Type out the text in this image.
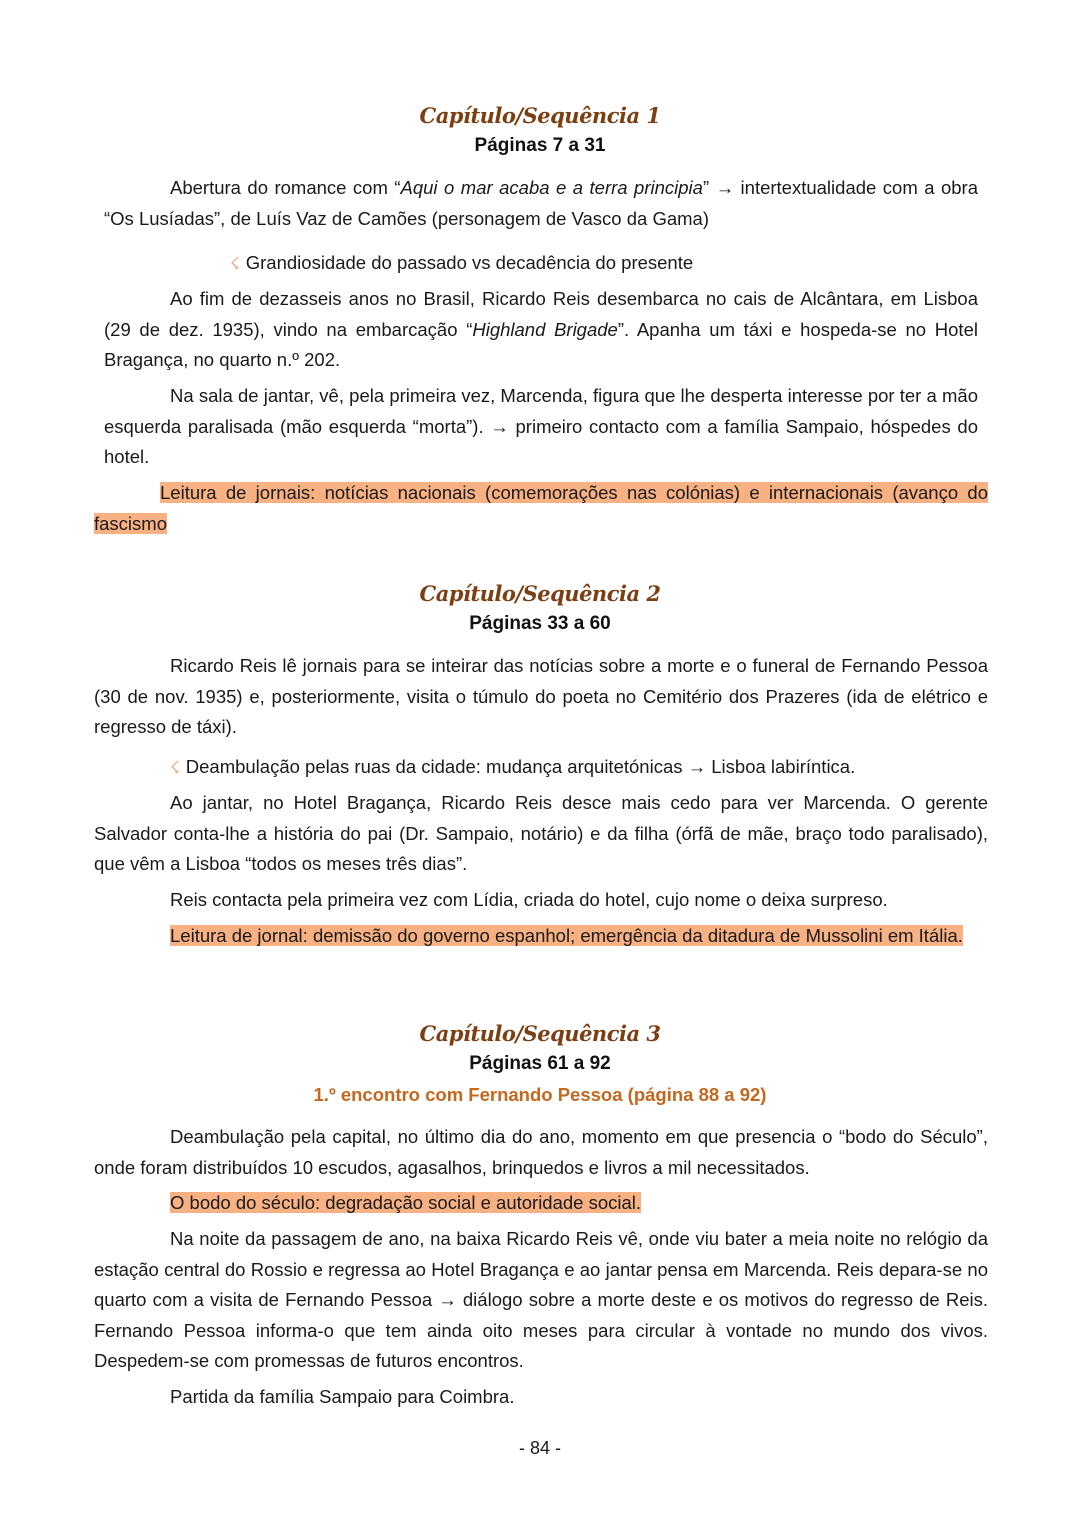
Capítulo/Sequência 1
Páginas 7 a 31
Abertura do romance com “Aqui o mar acaba e a terra principia” → intertextualidade com a obra “Os Lusíadas”, de Luís Vaz de Camões (personagem de Vasco da Gama)
☇ Grandiosidade do passado vs decadência do presente
Ao fim de dezasseis anos no Brasil, Ricardo Reis desembarca no cais de Alcântara, em Lisboa (29 de dez. 1935), vindo na embarcação “Highland Brigade”. Apanha um táxi e hospeda-se no Hotel Bragança, no quarto n.º 202.
Na sala de jantar, vê, pela primeira vez, Marcenda, figura que lhe desperta interesse por ter a mão esquerda paralisada (mão esquerda “morta”). → primeiro contacto com a família Sampaio, hóspedes do hotel.
Leitura de jornais: notícias nacionais (comemorações nas colónias) e internacionais (avanço do fascismo
Capítulo/Sequência 2
Páginas 33 a 60
Ricardo Reis lê jornais para se inteirar das notícias sobre a morte e o funeral de Fernando Pessoa (30 de nov. 1935) e, posteriormente, visita o túmulo do poeta no Cemitério dos Prazeres (ida de elétrico e regresso de táxi).
☇ Deambulação pelas ruas da cidade: mudança arquitetónicas → Lisboa labiríntica.
Ao jantar, no Hotel Bragança, Ricardo Reis desce mais cedo para ver Marcenda. O gerente Salvador conta-lhe a história do pai (Dr. Sampaio, notário) e da filha (órfã de mãe, braço todo paralisado), que vêm a Lisboa “todos os meses três dias”.
Reis contacta pela primeira vez com Lídia, criada do hotel, cujo nome o deixa surpreso.
Leitura de jornal: demissão do governo espanhol; emergência da ditadura de Mussolini em Itália.
Capítulo/Sequência 3
Páginas 61 a 92
1.º encontro com Fernando Pessoa (página 88 a 92)
Deambulação pela capital, no último dia do ano, momento em que presencia o “bodo do Século”, onde foram distribuídos 10 escudos, agasalhos, brinquedos e livros a mil necessitados.
O bodo do século: degradação social e autoridade social.
Na noite da passagem de ano, na baixa Ricardo Reis vê, onde viu bater a meia noite no relógio da estação central do Rossio e regressa ao Hotel Bragança e ao jantar pensa em Marcenda. Reis depara-se no quarto com a visita de Fernando Pessoa → diálogo sobre a morte deste e os motivos do regresso de Reis. Fernando Pessoa informa-o que tem ainda oito meses para circular à vontade no mundo dos vivos. Despedem-se com promessas de futuros encontros.
Partida da família Sampaio para Coimbra.
- 84 -
